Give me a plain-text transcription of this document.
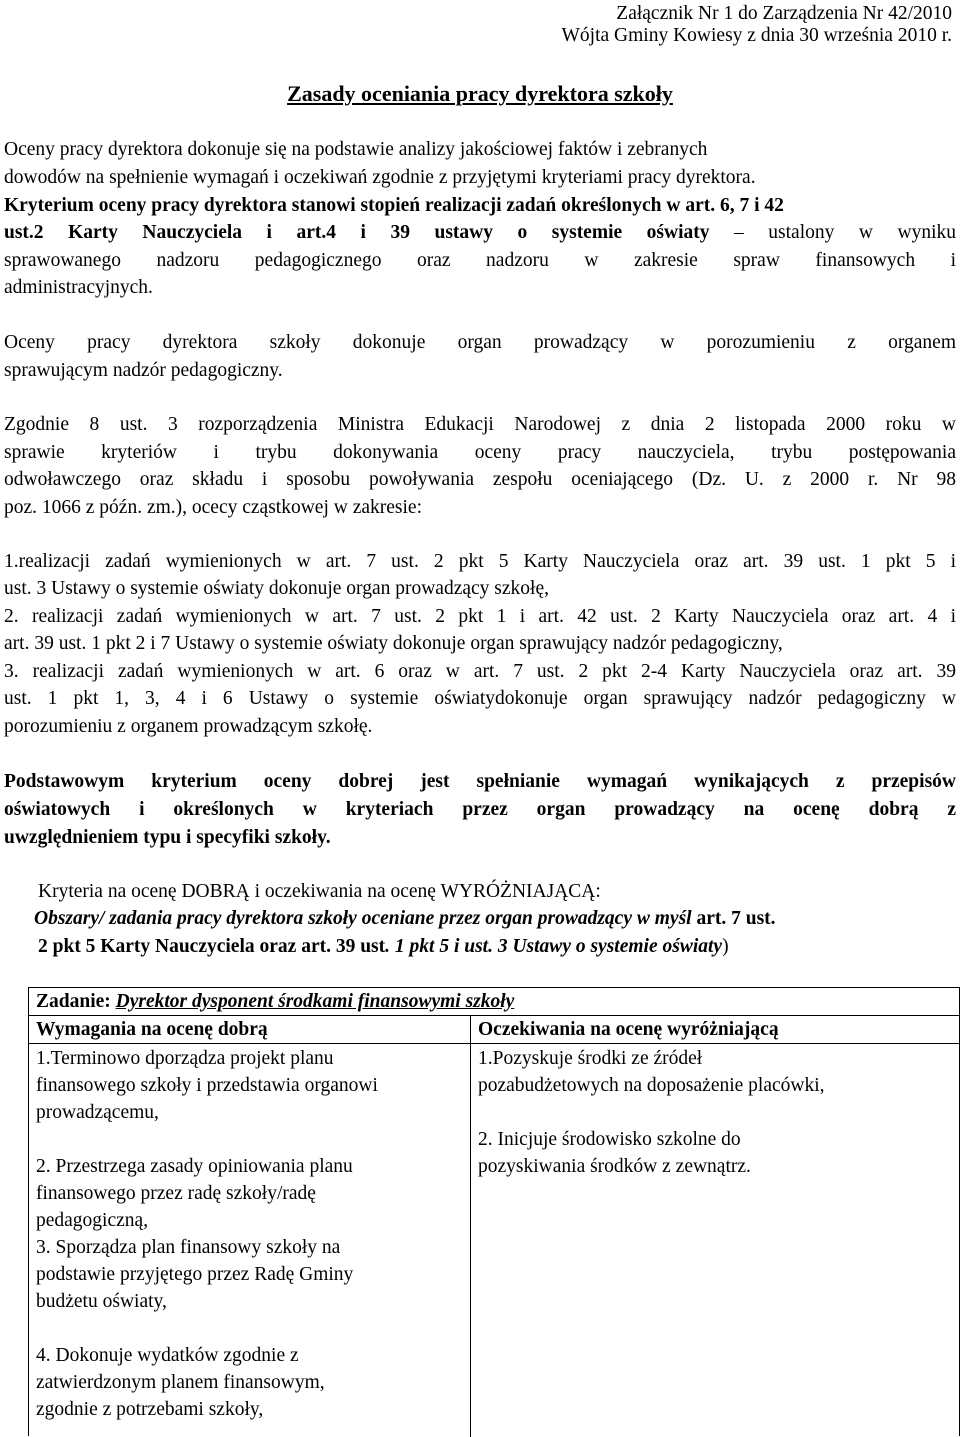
Załącznik Nr 1 do Zarządzenia Nr 42/2010
Wójta Gminy Kowiesy z dnia 30 września 2010 r.
Zasady oceniania pracy dyrektora szkoły
Oceny pracy dyrektora dokonuje się na podstawie analizy jakościowej faktów i zebranych
dowodów na spełnienie wymagań i oczekiwań zgodnie z przyjętymi kryteriami pracy dyrektora.
Kryterium oceny pracy dyrektora stanowi stopień realizacji zadań określonych w art. 6, 7 i 42
ust.2 Karty Nauczyciela i art.4 i 39 ustawy o systemie oświaty – ustalony w wyniku
sprawowanego nadzoru pedagogicznego oraz nadzoru w zakresie spraw finansowych i
administracyjnych.
Oceny pracy dyrektora szkoły dokonuje organ prowadzący w porozumieniu z organem
sprawującym nadzór pedagogiczny.
Zgodnie 8 ust. 3 rozporządzenia Ministra Edukacji Narodowej z dnia 2 listopada 2000 roku w
sprawie kryteriów i trybu dokonywania oceny pracy nauczyciela, trybu postępowania
odwoławczego oraz składu i sposobu powoływania zespołu oceniającego (Dz. U. z 2000 r. Nr 98
poz. 1066 z późn. zm.), ocecy cząstkowej w zakresie:
1.realizacji zadań wymienionych w art. 7 ust. 2 pkt 5 Karty Nauczyciela oraz art. 39 ust. 1 pkt 5 i
ust. 3 Ustawy o systemie oświaty dokonuje organ prowadzący szkołę,
2. realizacji zadań wymienionych w art. 7 ust. 2 pkt 1 i art. 42 ust. 2 Karty Nauczyciela oraz art. 4 i
art. 39 ust. 1 pkt 2 i 7 Ustawy o systemie oświaty dokonuje organ sprawujący nadzór pedagogiczny,
3. realizacji zadań wymienionych w art. 6 oraz w art. 7 ust. 2 pkt 2-4 Karty Nauczyciela oraz art. 39
ust. 1 pkt 1, 3, 4 i 6 Ustawy o systemie oświatydokonuje organ sprawujący nadzór pedagogiczny w
porozumieniu z organem prowadzącym szkołę.
Podstawowym kryterium oceny dobrej jest spełnianie wymagań wynikających z przepisów
oświatowych i określonych w kryteriach przez organ prowadzący na ocenę dobrą z
uwzględnieniem typu i specyfiki szkoły.
Kryteria na ocenę DOBRĄ i oczekiwania na ocenę WYRÓŻNIAJĄCĄ:
Obszary/ zadania pracy dyrektora szkoły oceniane przez organ prowadzący w myśl art. 7 ust.
2 pkt 5 Karty Nauczyciela oraz art. 39 ust. 1 pkt 5 i ust. 3 Ustawy o systemie oświaty)
Zadanie: Dyrektor dysponent środkami finansowymi szkoły
Wymagania na ocenę dobrą	Oczekiwania na ocenę wyróżniającą
1.Terminowo dporządza projekt planu
finansowego szkoły i przedstawia organowi
prowadzącemu,
2. Przestrzega zasady opiniowania planu
finansowego przez radę szkoły/radę
pedagogiczną,
3. Sporządza plan finansowy szkoły na
podstawie przyjętego przez Radę Gminy
budżetu oświaty,
4. Dokonuje wydatków zgodnie z
zatwierdzonym planem finansowym,
zgodnie z potrzebami szkoły,
1.Pozyskuje środki ze źródeł
pozabudżetowych na doposażenie placówki,
2. Inicjuje środowisko szkolne do
pozyskiwania środków z zewnątrz.
